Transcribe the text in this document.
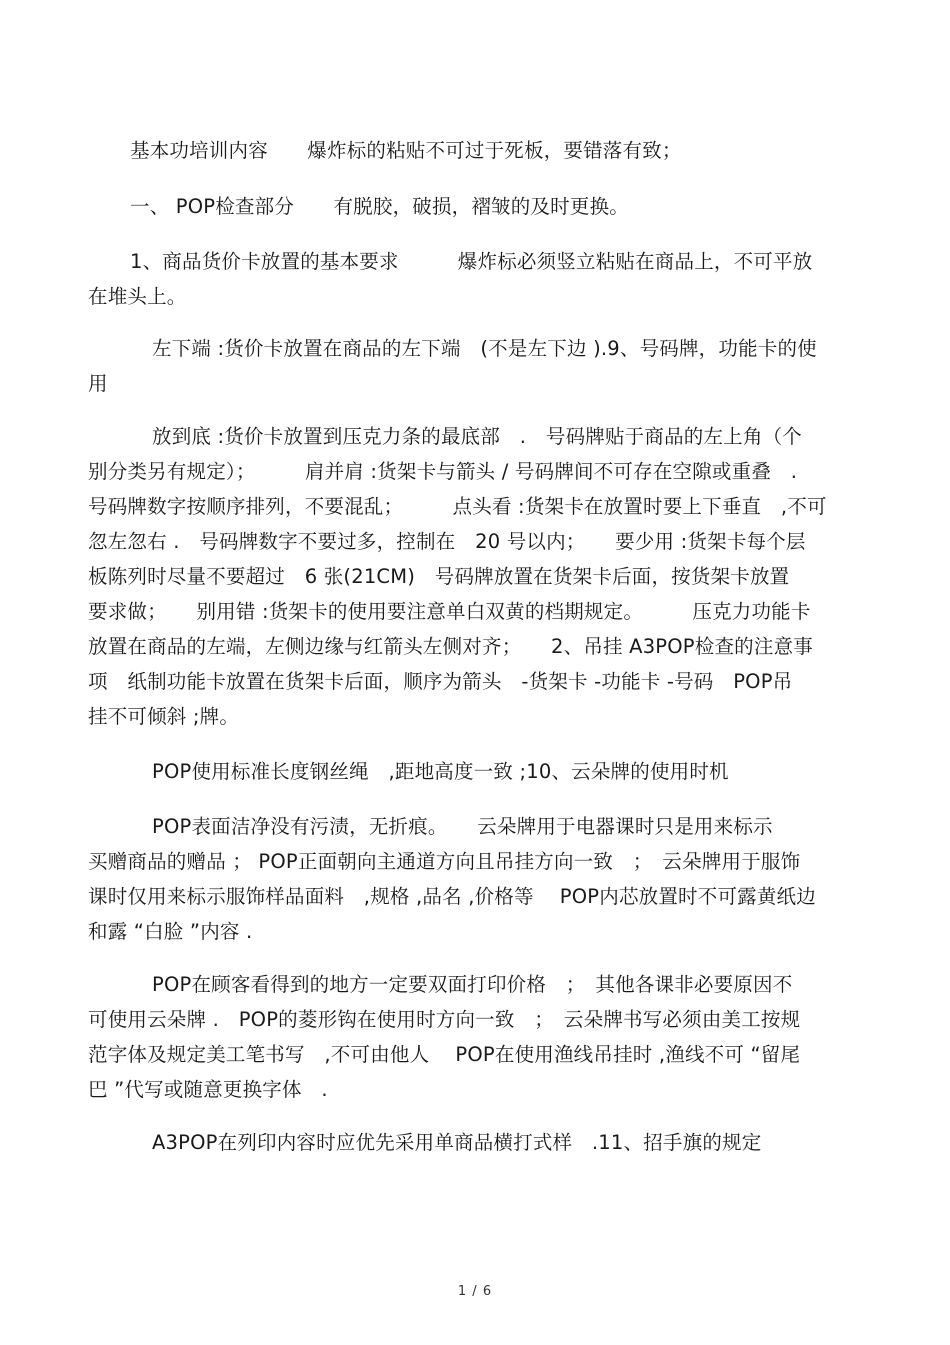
基本功培训内容　　爆炸标的粘贴不可过于死板，要错落有致；
一、 POP检查部分　　有脱胶，破损，褶皱的及时更换。
1、商品货价卡放置的基本要求　　　爆炸标必须竖立粘贴在商品上，不可平放
在堆头上。
左下端 :货价卡放置在商品的左下端　(不是左下边 ).9、号码牌，功能卡的使
用
放到底 :货价卡放置到压克力条的最底部　.　号码牌贴于商品的左上角（个
别分类另有规定）；　　　肩并肩 :货架卡与箭头 / 号码牌间不可存在空隙或重叠　.
号码牌数字按顺序排列，不要混乱；　　　点头看 :货架卡在放置时要上下垂直　,不可
忽左忽右 .　号码牌数字不要过多，控制在　20 号以内；　　要少用 :货架卡每个层
板陈列时尽量不要超过　6 张(21CM)　号码牌放置在货架卡后面，按货架卡放置
要求做；　　别用错 :货架卡的使用要注意单白双黄的档期规定。　　　压克力功能卡
放置在商品的左端，左侧边缘与红箭头左侧对齐；　　2、吊挂 A3POP检查的注意事
项　纸制功能卡放置在货架卡后面，顺序为箭头　-货架卡 -功能卡 -号码　POP吊
挂不可倾斜 ;牌。
POP使用标准长度钢丝绳　,距地高度一致 ;10、云朵牌的使用时机
POP表面洁净没有污渍，无折痕。　　云朵牌用于电器课时只是用来标示
买赠商品的赠品 ； POP正面朝向主通道方向且吊挂方向一致　；　云朵牌用于服饰
课时仅用来标示服饰样品面料　,规格 ,品名 ,价格等　 POP内芯放置时不可露黄纸边
和露 “白脸 ”内容 .
POP在顾客看得到的地方一定要双面打印价格　；　其他各课非必要原因不
可使用云朵牌 .　POP的菱形钩在使用时方向一致　；　云朵牌书写必须由美工按规
范字体及规定美工笔书写　,不可由他人　 POP在使用渔线吊挂时 ,渔线不可 “留尾
巴 ”代写或随意更换字体　.
A3POP在列印内容时应优先采用单商品横打式样　.11、招手旗的规定
1 / 6
